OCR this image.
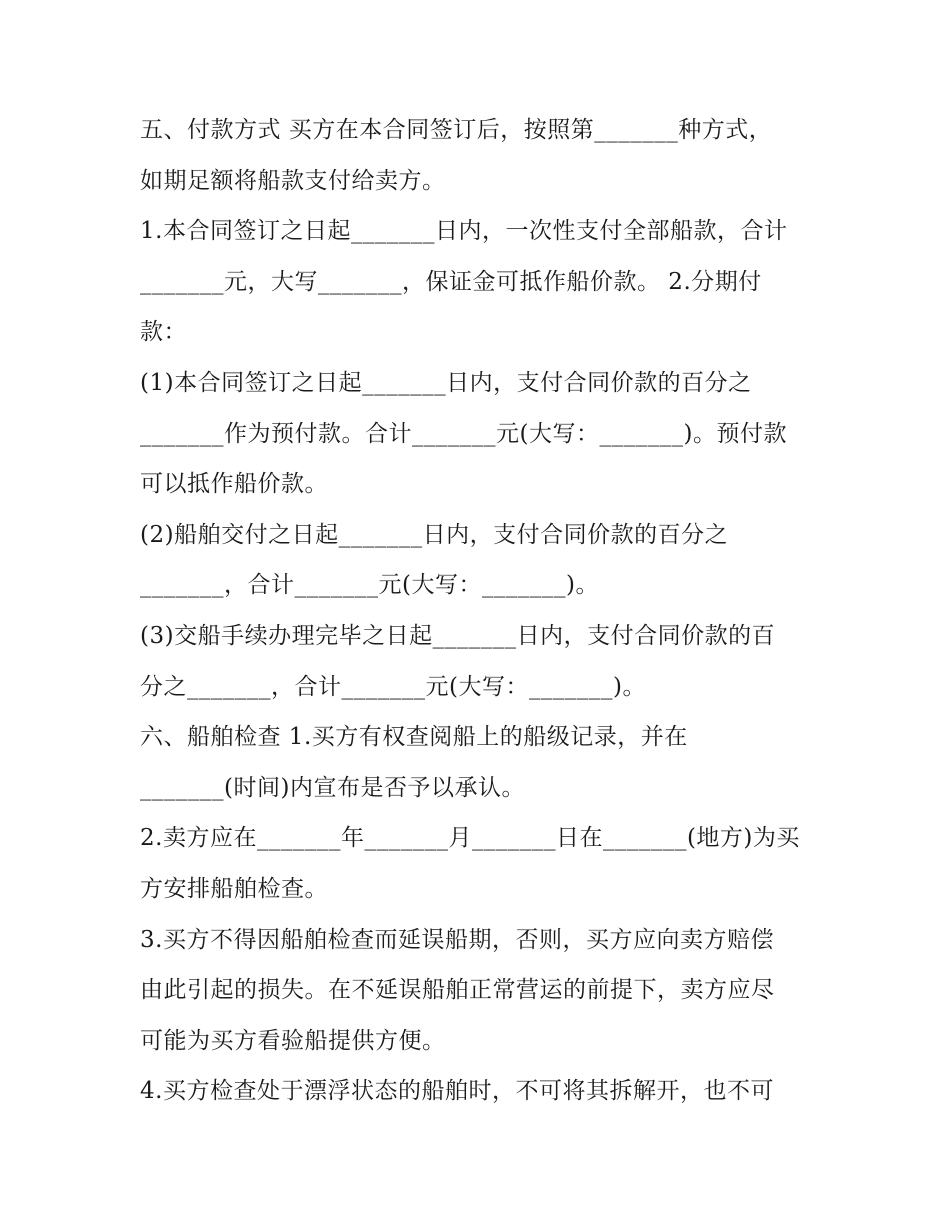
五、付款方式 买方在本合同签订后，按照第_______种方式，
如期足额将船款支付给卖方。
1.本合同签订之日起_______日内，一次性支付全部船款，合计
_______元，大写_______，保证金可抵作船价款。 2.分期付
款：
(1)本合同签订之日起_______日内，支付合同价款的百分之
_______作为预付款。合计_______元(大写：_______)。预付款
可以抵作船价款。
(2)船舶交付之日起_______日内，支付合同价款的百分之
_______，合计_______元(大写：_______)。
(3)交船手续办理完毕之日起_______日内，支付合同价款的百
分之_______，合计_______元(大写：_______)。
六、船舶检查 1.买方有权查阅船上的船级记录，并在
_______(时间)内宣布是否予以承认。
2.卖方应在_______年_______月_______日在_______(地方)为买
方安排船舶检查。
3.买方不得因船舶检查而延误船期，否则，买方应向卖方赔偿
由此引起的损失。在不延误船舶正常营运的前提下，卖方应尽
可能为买方看验船提供方便。
4.买方检查处于漂浮状态的船舶时，不可将其拆解开，也不可
